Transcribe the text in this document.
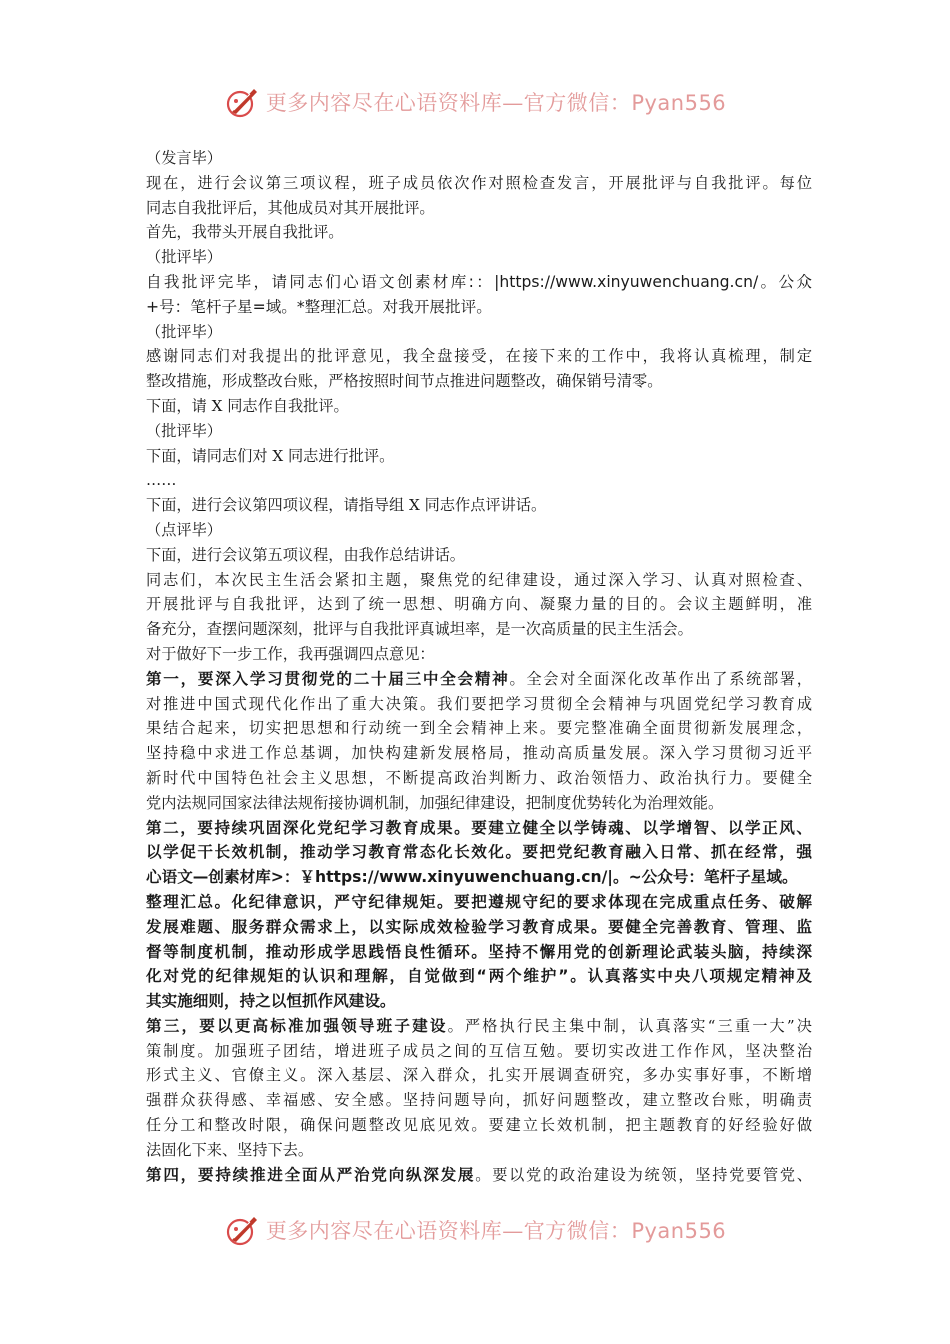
更多内容尽在心语资料库—官方微信：Pyan556
（发言毕）
现在，进行会议第三项议程，班子成员依次作对照检查发言，开展批评与自我批评。每位
同志自我批评后，其他成员对其开展批评。
首先，我带头开展自我批评。
（批评毕）
自我批评完毕，请同志们心语文创素材库:：|https://www.xinyuwenchuang.cn/。公众
+号：笔杆子星=域。*整理汇总。对我开展批评。
（批评毕）
感谢同志们对我提出的批评意见，我全盘接受，在接下来的工作中，我将认真梳理，制定
整改措施，形成整改台账，严格按照时间节点推进问题整改，确保销号清零。
下面，请 X 同志作自我批评。
（批评毕）
下面，请同志们对 X 同志进行批评。
……
下面，进行会议第四项议程，请指导组 X 同志作点评讲话。
（点评毕）
下面，进行会议第五项议程，由我作总结讲话。
同志们，本次民主生活会紧扣主题，聚焦党的纪律建设，通过深入学习、认真对照检查、
开展批评与自我批评，达到了统一思想、明确方向、凝聚力量的目的。会议主题鲜明，准
备充分，查摆问题深刻，批评与自我批评真诚坦率，是一次高质量的民主生活会。
对于做好下一步工作，我再强调四点意见：
第一，要深入学习贯彻党的二十届三中全会精神。全会对全面深化改革作出了系统部署，
对推进中国式现代化作出了重大决策。我们要把学习贯彻全会精神与巩固党纪学习教育成
果结合起来，切实把思想和行动统一到全会精神上来。要完整准确全面贯彻新发展理念，
坚持稳中求进工作总基调，加快构建新发展格局，推动高质量发展。深入学习贯彻习近平
新时代中国特色社会主义思想，不断提高政治判断力、政治领悟力、政治执行力。要健全
党内法规同国家法律法规衔接协调机制，加强纪律建设，把制度优势转化为治理效能。
第二，要持续巩固深化党纪学习教育成果。要建立健全以学铸魂、以学增智、以学正风、
以学促干长效机制，推动学习教育常态化长效化。要把党纪教育融入日常、抓在经常，强
心语文—创素材库>：￥https://www.xinyuwenchuang.cn/|。~公众号：笔杆子星域。
整理汇总。化纪律意识，严守纪律规矩。要把遵规守纪的要求体现在完成重点任务、破解
发展难题、服务群众需求上，以实际成效检验学习教育成果。要健全完善教育、管理、监
督等制度机制，推动形成学思践悟良性循环。坚持不懈用党的创新理论武装头脑，持续深
化对党的纪律规矩的认识和理解，自觉做到“两个维护”。认真落实中央八项规定精神及
其实施细则，持之以恒抓作风建设。
第三，要以更高标准加强领导班子建设。严格执行民主集中制，认真落实“三重一大”决
策制度。加强班子团结，增进班子成员之间的互信互勉。要切实改进工作作风，坚决整治
形式主义、官僚主义。深入基层、深入群众，扎实开展调查研究，多办实事好事，不断增
强群众获得感、幸福感、安全感。坚持问题导向，抓好问题整改，建立整改台账，明确责
任分工和整改时限，确保问题整改见底见效。要建立长效机制，把主题教育的好经验好做
法固化下来、坚持下去。
第四，要持续推进全面从严治党向纵深发展。要以党的政治建设为统领，坚持党要管党、
更多内容尽在心语资料库—官方微信：Pyan556
